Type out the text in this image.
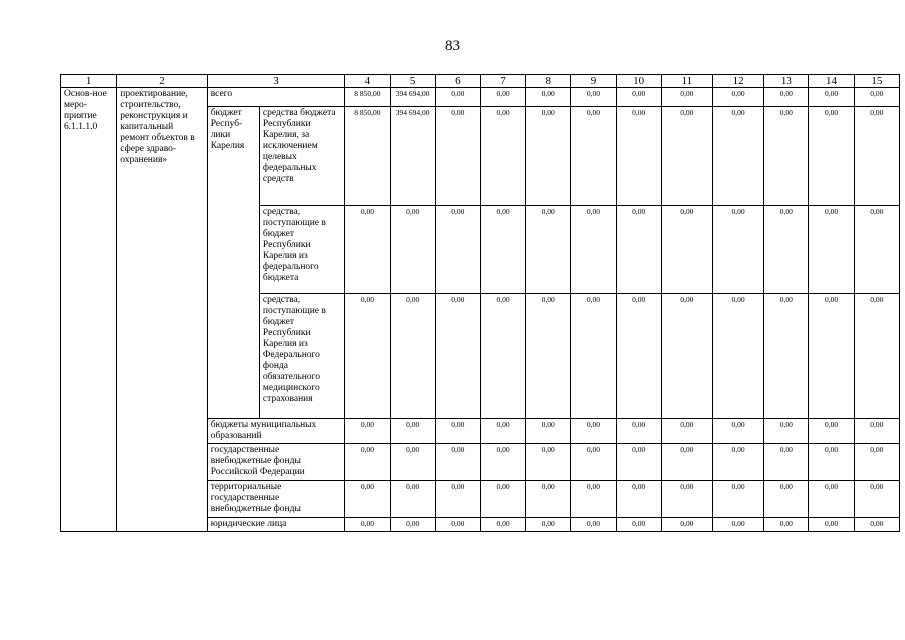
83
1	2	3		4	5	6	7	8	9	10	11	12	13	14	15
Основ-ное меро-приятие 6.1.1.1.0	проектирование, строительство, реконструкция и капитальный ремонт объектов в сфере здраво-охранения»	всего		8 850,00	394 694,00	0,00	0,00	0,00	0,00	0,00	0,00	0,00	0,00	0,00	0,00
		бюджет Респуб-лики Карелия	средства бюджета Республики Карелия, за исключением целевых федеральных средств	8 850,00	394 694,00	0,00	0,00	0,00	0,00	0,00	0,00	0,00	0,00	0,00	0,00
			средства, поступающие в бюджет Республики Карелия из федерального бюджета	0,00	0,00	0,00	0,00	0,00	0,00	0,00	0,00	0,00	0,00	0,00	0,00
			средства, поступающие в бюджет Республики Карелия из Федерального фонда обязательного медицинского страхования	0,00	0,00	0,00	0,00	0,00	0,00	0,00	0,00	0,00	0,00	0,00	0,00
		бюджеты муниципальных образований		0,00	0,00	0,00	0,00	0,00	0,00	0,00	0,00	0,00	0,00	0,00	0,00
		государственные внебюджетные фонды Российской Федерации		0,00	0,00	0,00	0,00	0,00	0,00	0,00	0,00	0,00	0,00	0,00	0,00
		территориальные государственные внебюджетные фонды		0,00	0,00	0,00	0,00	0,00	0,00	0,00	0,00	0,00	0,00	0,00	0,00
		юридические лица		0,00	0,00	0,00	0,00	0,00	0,00	0,00	0,00	0,00	0,00	0,00	0,00
